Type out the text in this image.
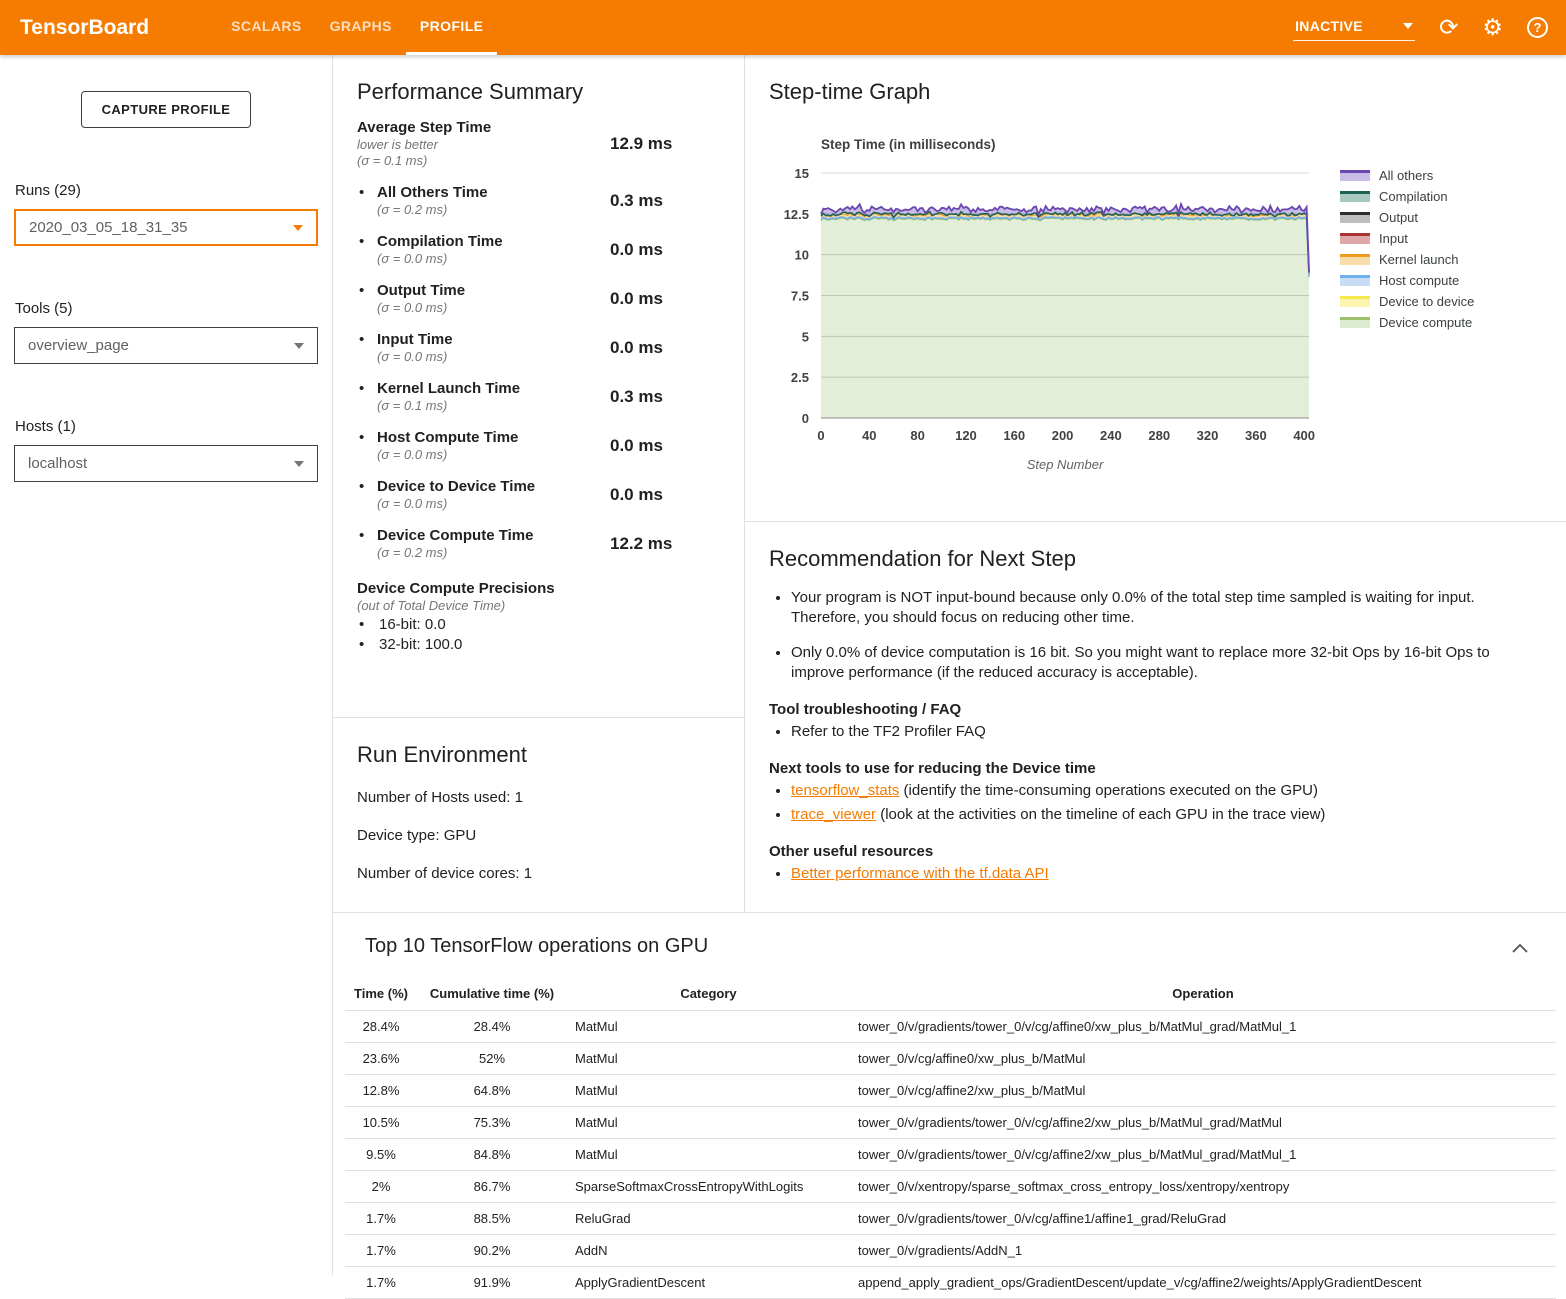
TensorBoard	SCALARS	GRAPHS	PROFILE	INACTIVE	⟳ ⚙	?
CAPTURE PROFILE
Runs (29)
2020_03_05_18_31_35
Tools (5)
overview_page
Hosts (1)
localhost
Performance Summary
Average Step Time
lower is better
(σ = 0.1 ms)
12.9 ms
• All Others Time
(σ = 0.2 ms)	0.3 ms
• Compilation Time
(σ = 0.0 ms)	0.0 ms
• Output Time
(σ = 0.0 ms)	0.0 ms
• Input Time
(σ = 0.0 ms)	0.0 ms
• Kernel Launch Time
(σ = 0.1 ms)	0.3 ms
• Host Compute Time
(σ = 0.0 ms)	0.0 ms
• Device to Device Time
(σ = 0.0 ms)	0.0 ms
• Device Compute Time
(σ = 0.2 ms)	12.2 ms
Device Compute Precisions
(out of Total Device Time)
• 16-bit: 0.0
• 32-bit: 100.0
Run Environment
Number of Hosts used: 1
Device type: GPU
Number of device cores: 1
Step-time Graph
0
2.5
5
7.5
10
12.5
15
0	40	80 120 160 200 240 280 320 360 400
Step Time (in milliseconds)
Step Number
All others
Compilation
Output
Input
Kernel launch
Host compute
Device to device
Device compute
Recommendation for Next Step
• Your program is NOT input-bound because only 0.0% of the total step time sampled is waiting for input. Therefore, you should focus on reducing other time.
• Only 0.0% of device computation is 16 bit. So you might want to replace more 32-bit Ops by 16-bit Ops to improve performance (if the reduced accuracy is acceptable).
Tool troubleshooting / FAQ
• Refer to the TF2 Profiler FAQ
Next tools to use for reducing the Device time
• tensorflow_stats (identify the time-consuming operations executed on the GPU)
• trace_viewer (look at the activities on the timeline of each GPU in the trace view)
Other useful resources
• Better performance with the tf.data API
Top 10 TensorFlow operations on GPU
Time (%)	Cumulative time (%)	Category	Operation
28.4%	28.4%	MatMul	tower_0/v/gradients/tower_0/v/cg/affine0/xw_plus_b/MatMul_grad/MatMul_1
23.6%	52%	MatMul	tower_0/v/cg/affine0/xw_plus_b/MatMul
12.8%	64.8%	MatMul	tower_0/v/cg/affine2/xw_plus_b/MatMul
10.5%	75.3%	MatMul	tower_0/v/gradients/tower_0/v/cg/affine2/xw_plus_b/MatMul_grad/MatMul
9.5%	84.8%	MatMul	tower_0/v/gradients/tower_0/v/cg/affine2/xw_plus_b/MatMul_grad/MatMul_1
2%	86.7%	SparseSoftmaxCrossEntropyWithLogits	tower_0/v/xentropy/sparse_softmax_cross_entropy_loss/xentropy/xentropy
1.7%	88.5%	ReluGrad	tower_0/v/gradients/tower_0/v/cg/affine1/affine1_grad/ReluGrad
1.7%	90.2%	AddN	tower_0/v/gradients/AddN_1
1.7%	91.9%	ApplyGradientDescent	append_apply_gradient_ops/GradientDescent/update_v/cg/affine2/weights/ApplyGradientDescent
